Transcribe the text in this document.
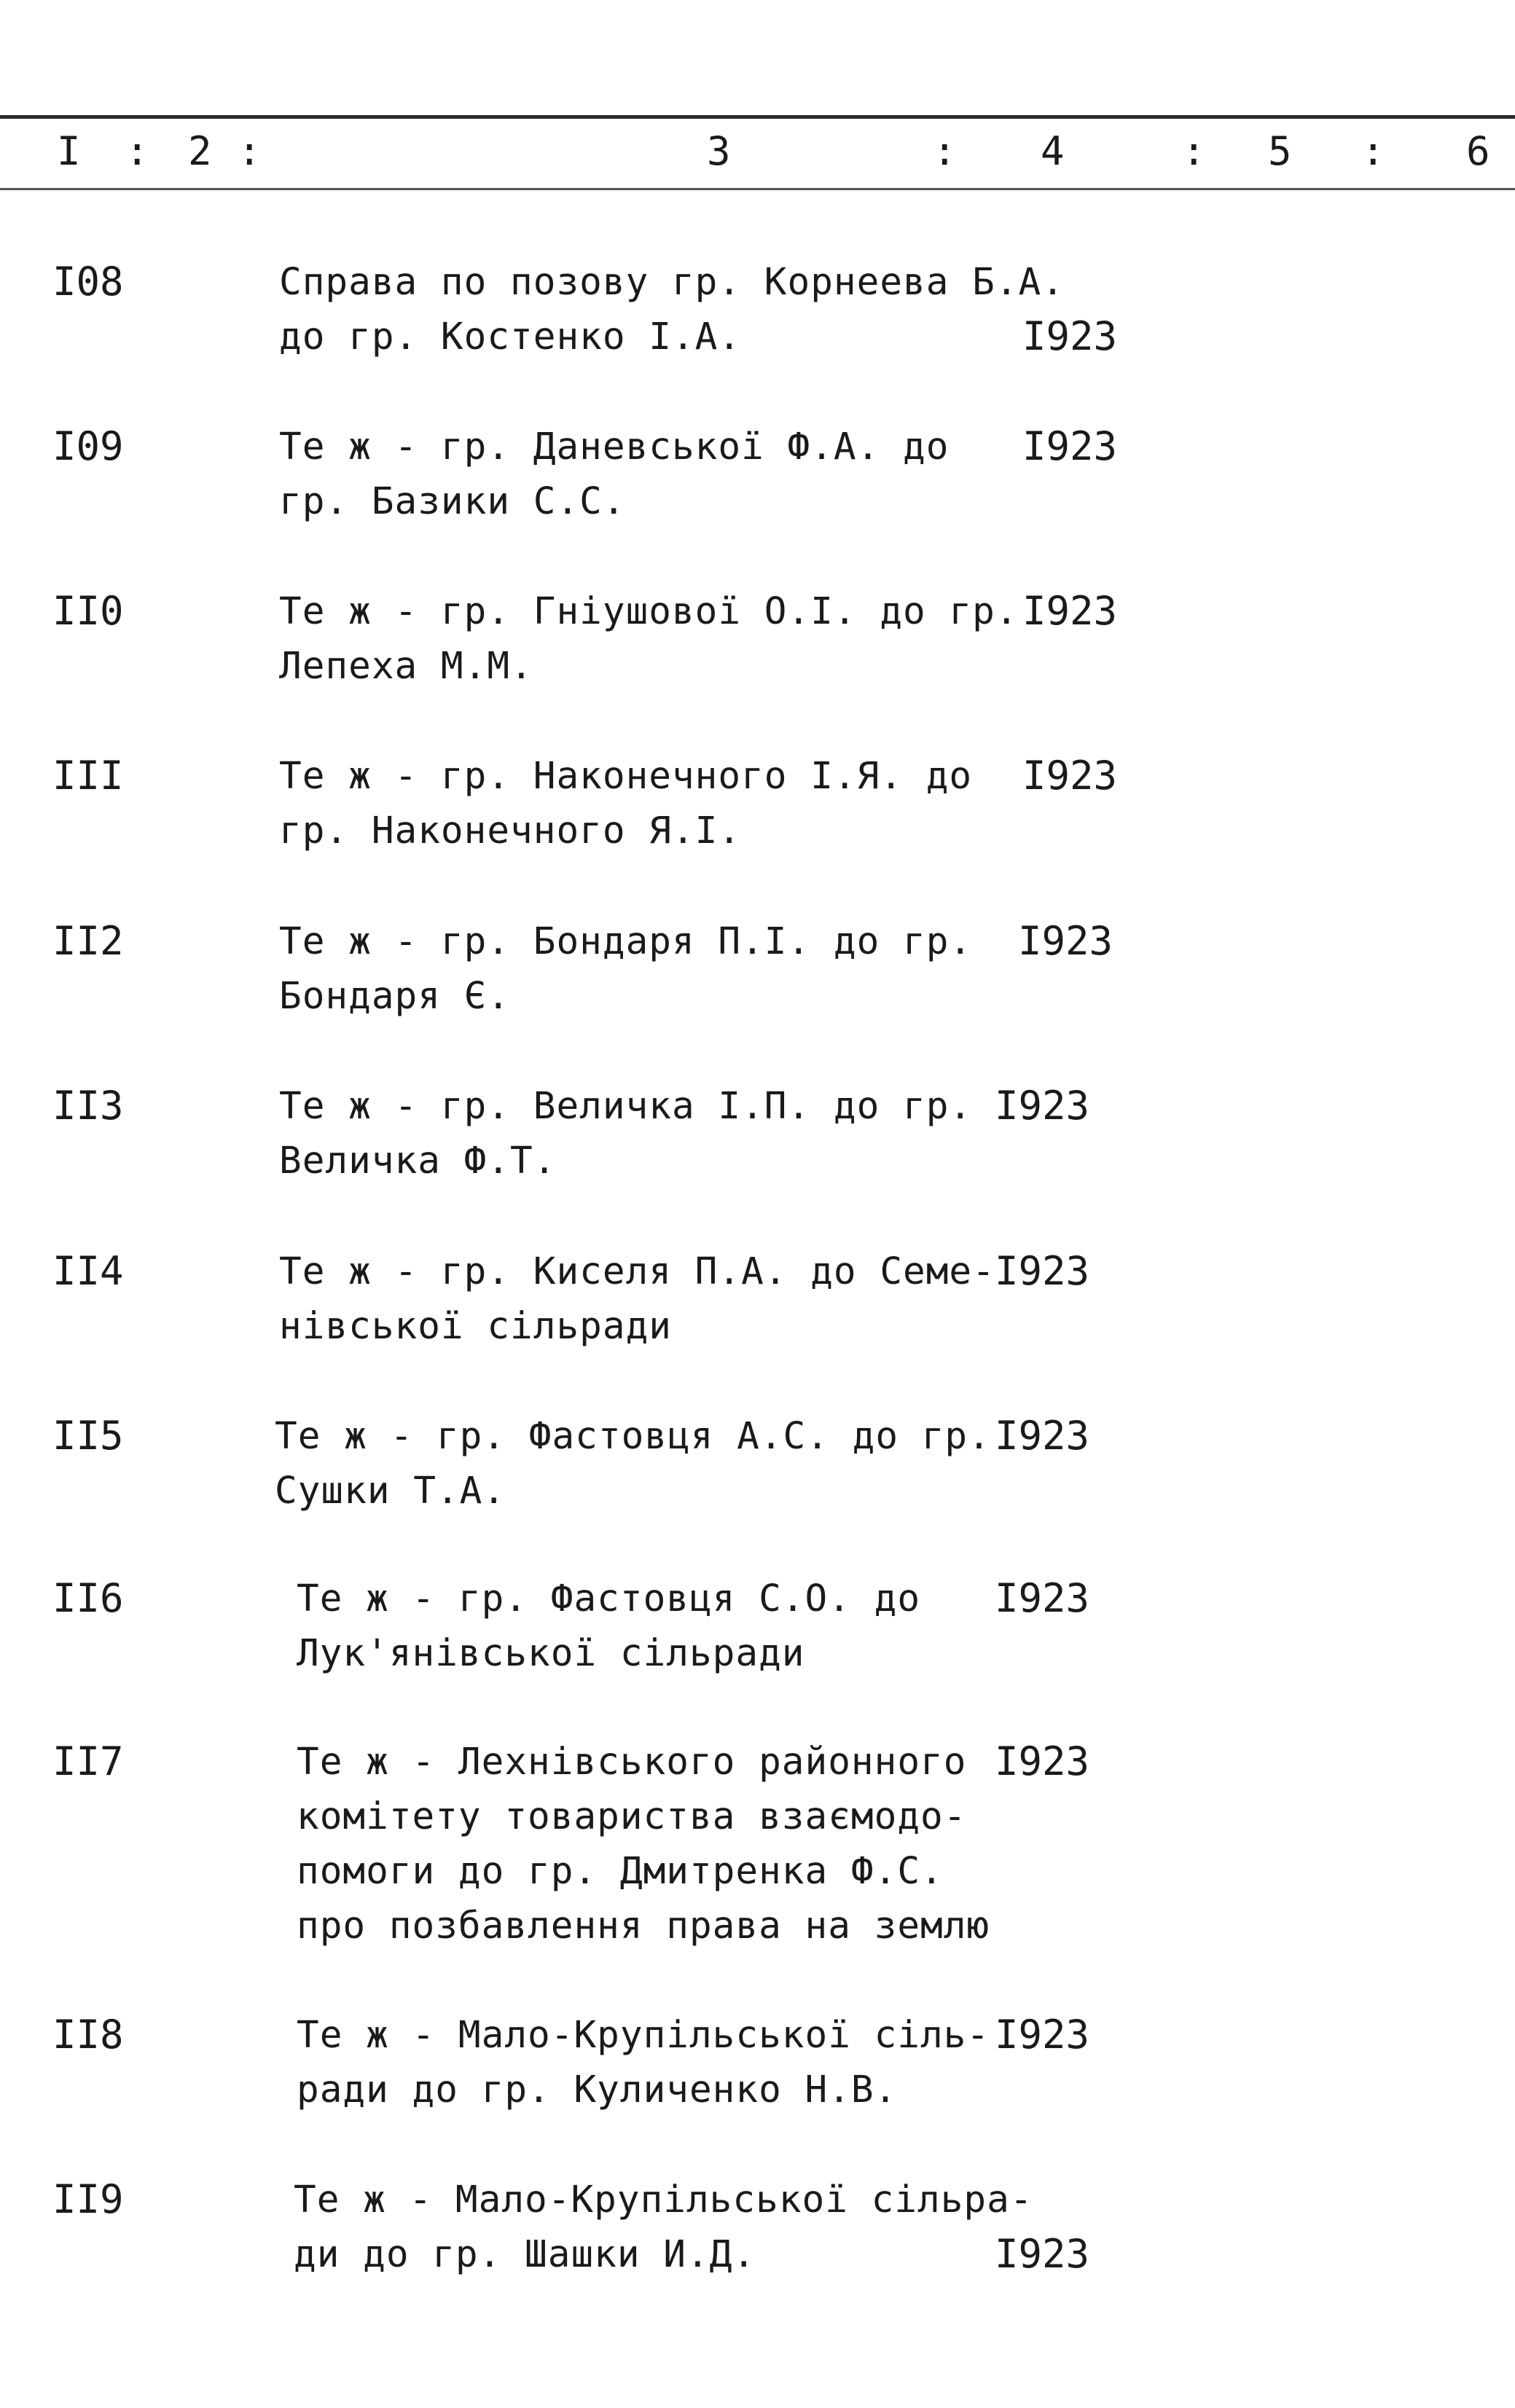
I : 2 :	3	: 4	: 5 : 6
I08	Справа по позову гр. Корнеева Б.А.
до гр. Костенко I.А.	I923
I09	Те ж - гр. Даневської Ф.А. до
гр. Базики С.С.
I923
II0	Те ж - гр. Гніушової О.I. до гр.
Лепеха М.М.
I923
III	Те ж - гр. Наконечного I.Я. до
гр. Наконечного Я.I.
I923
II2	Те ж - гр. Бондаря П.I. до гр.
Бондаря Є.
I923
II3	Те ж - гр. Величка I.П. до гр.
Величка Ф.Т.
I923
II4	Те ж - гр. Киселя П.А. до Семе-
нівської сільради
I923
II5	Те ж - гр. Фастовця А.С. до гр.
Сушки Т.А.
I923
II6	Те ж - гр. Фастовця С.О. до
Лук'янівської сільради
I923
II7	Те ж - Лехнівського районного
комітету товариства взаємодо-
помоги до гр. Дмитренка Ф.С.
про позбавлення права на землю
I923
II8	Те ж - Мало-Крупільської сіль-
ради до гр. Куличенко Н.В.
I923
II9	Те ж - Мало-Крупільської сільра-
ди до гр. Шашки И.Д.	I923
